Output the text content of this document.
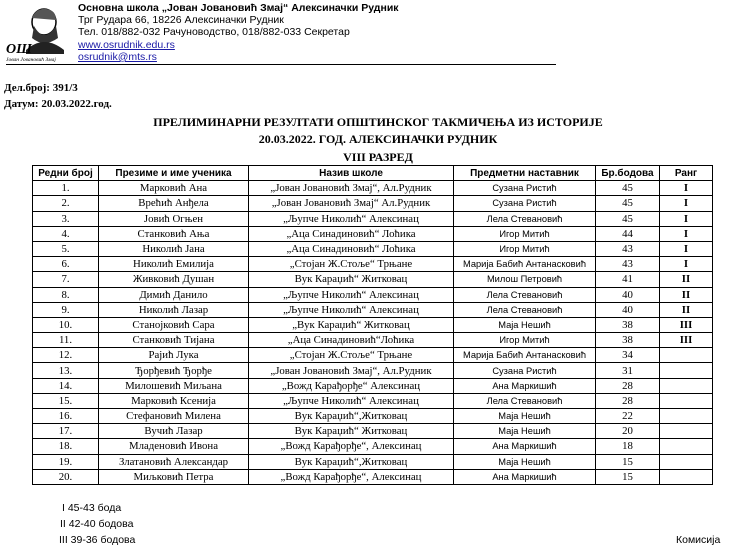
ОШ
Јован Јовановић Змај
Основна школа „Јован Јовановић Змај“ Алексиначки Рудник
Трг Рудара 66, 18226 Алексиначки Рудник
Тел. 018/882-032 Рачуноводство, 018/882-033 Секретар
www.osrudnik.edu.rs
osrudnik@mts.rs
Дел.број: 391/3
Датум: 20.03.2022.год.
ПРЕЛИМИНАРНИ РЕЗУЛТАТИ ОПШТИНСКОГ ТАКМИЧЕЊА ИЗ ИСТОРИЈЕ
20.03.2022. ГОД. АЛЕКСИНАЧКИ РУДНИК
VIII РАЗРЕД
Редни број	Презиме и име ученика	Назив школе	Предметни наставник	Бр.бодова	Ранг
1.	Марковић Ана	„Јован Јовановић Змај“, Ал.Рудник	Сузана Ристић	45	I
2.	Врећић Анђела	„Јован Јовановић Змај“ Ал.Рудник	Сузана Ристић	45	I
3.	Јовић Огњен	„Љупче Николић“ Алексинац	Лела Стевановић	45	I
4.	Станковић Ања	„Аца Синадиновић“ Лоћика	Игор Митић	44	I
5.	Николић Јана	„Аца Синадиновић“ Лоћика	Игор Митић	43	I
6.	Николић Емилија	„Стојан Ж.Стоље“ Трњане	Марија Бабић Антанасковић	43	I
7.	Живковић Душан	Вук Караџић“ Житковац	Милош Петровић	41	II
8.	Димић Данило	„Љупче Николић“ Алексинац	Лела Стевановић	40	II
9.	Николић Лазар	„Љупче Николић“ Алексинац	Лела Стевановић	40	II
10.	Станојковић Сара	„Вук Караџић“ Житковац	Маја Нешић	38	III
11.	Станковић Тијана	„Аца Синадиновић“Лоћика	Игор Митић	38	III
12.	Рајић Лука	„Стојан Ж.Стоље“ Трњане	Марија Бабић Антанасковић	34	
13.	Ђорђевић Ђорђе	„Јован Јовановић Змај“, Ал.Рудник	Сузана Ристић	31	
14.	Милошевић Миљана	„Вожд Карађорђе“ Алексинац	Ана Маркишић	28	
15.	Марковић Ксенија	„Љупче Николић“ Алексинац	Лела Стевановић	28	
16.	Стефановић Милена	Вук Караџић“,Житковац	Маја Нешић	22	
17.	Вучић Лазар	Вук Караџић“ Житковац	Маја Нешић	20	
18.	Младеновић Ивона	„Вожд Карађорђе“, Алексинац	Ана Маркишић	18	
19.	Златановић Александар	Вук Караџић“,Житковац	Маја Нешић	15	
20.	Миљковић Петра	„Вожд Карађорђе“, Алексинац	Ана Маркишић	15	
I 45-43 бода
II 42-40 бодова
III 39-36 бодова	Комисија
